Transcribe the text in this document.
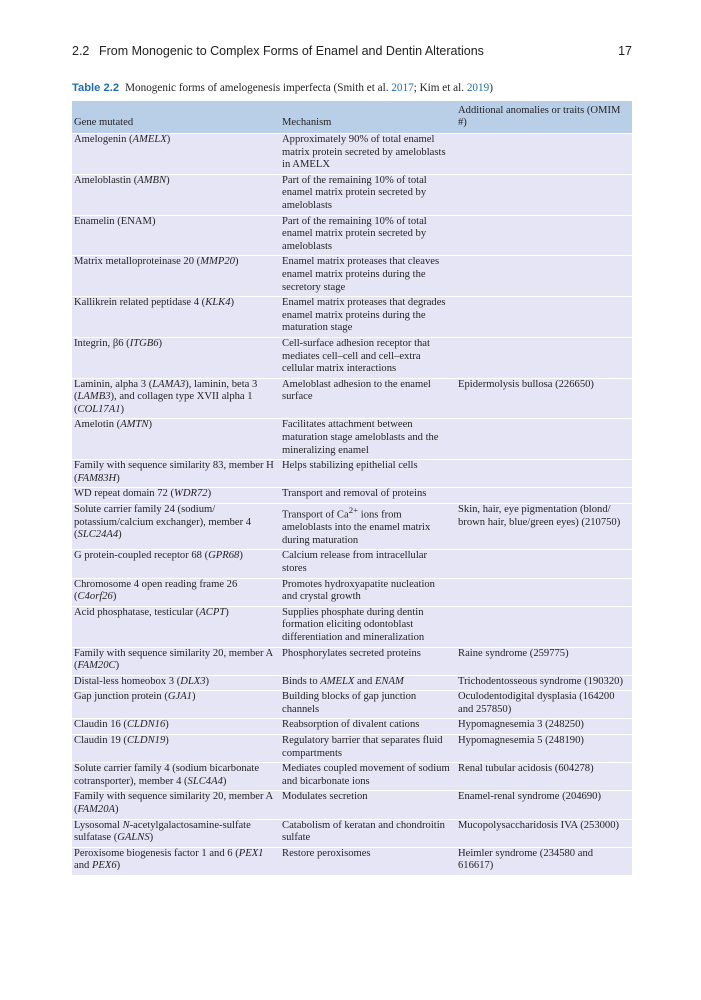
2.2 From Monogenic to Complex Forms of Enamel and Dentin Alterations	17
Table 2.2 Monogenic forms of amelogenesis imperfecta (Smith et al. 2017; Kim et al. 2019)
Gene mutated	Mechanism	Additional anomalies or traits (OMIM #)
Amelogenin (AMELX)	Approximately 90% of total enamel matrix protein secreted by ameloblasts in AMELX	
Ameloblastin (AMBN)	Part of the remaining 10% of total enamel matrix protein secreted by ameloblasts	
Enamelin (ENAM)	Part of the remaining 10% of total enamel matrix protein secreted by ameloblasts	
Matrix metalloproteinase 20 (MMP20)	Enamel matrix proteases that cleaves enamel matrix proteins during the secretory stage	
Kallikrein related peptidase 4 (KLK4)	Enamel matrix proteases that degrades enamel matrix proteins during the maturation stage	
Integrin, β6 (ITGB6)	Cell-surface adhesion receptor that mediates cell–cell and cell–extra cellular matrix interactions	
Laminin, alpha 3 (LAMA3), laminin, beta 3 (LAMB3), and collagen type XVII alpha 1 (COL17A1)	Ameloblast adhesion to the enamel surface	Epidermolysis bullosa (226650)
Amelotin (AMTN)	Facilitates attachment between maturation stage ameloblasts and the mineralizing enamel	
Family with sequence similarity 83, member H (FAM83H)	Helps stabilizing epithelial cells	
WD repeat domain 72 (WDR72)	Transport and removal of proteins	
Solute carrier family 24 (sodium/ potassium/calcium exchanger), member 4 (SLC24A4)	Transport of $Ca^{2+}$ ions from ameloblasts into the enamel matrix during maturation	Skin, hair, eye pigmentation (blond/ brown hair, blue/green eyes) (210750)
G protein-coupled receptor 68 (GPR68)	Calcium release from intracellular stores	
Chromosome 4 open reading frame 26 (C4orf26)	Promotes hydroxyapatite nucleation and crystal growth	
Acid phosphatase, testicular (ACPT)	Supplies phosphate during dentin formation eliciting odontoblast differentiation and mineralization	
Family with sequence similarity 20, member A (FAM20C)	Phosphorylates secreted proteins	Raine syndrome (259775)
Distal-less homeobox 3 (DLX3)	Binds to AMELX and ENAM	Trichodentosseous syndrome (190320)
Gap junction protein (GJA1)	Building blocks of gap junction channels	Oculodentodigital dysplasia (164200 and 257850)
Claudin 16 (CLDN16)	Reabsorption of divalent cations	Hypomagnesemia 3 (248250)
Claudin 19 (CLDN19)	Regulatory barrier that separates fluid compartments	Hypomagnesemia 5 (248190)
Solute carrier family 4 (sodium bicarbonate cotransporter), member 4 (SLC4A4)	Mediates coupled movement of sodium and bicarbonate ions	Renal tubular acidosis (604278)
Family with sequence similarity 20, member A (FAM20A)	Modulates secretion	Enamel-renal syndrome (204690)
Lysosomal N-acetylgalactosamine-sulfate sulfatase (GALNS)	Catabolism of keratan and chondroitin sulfate	Mucopolysaccharidosis IVA (253000)
Peroxisome biogenesis factor 1 and 6 (PEX1 and PEX6)	Restore peroxisomes	Heimler syndrome (234580 and 616617)
